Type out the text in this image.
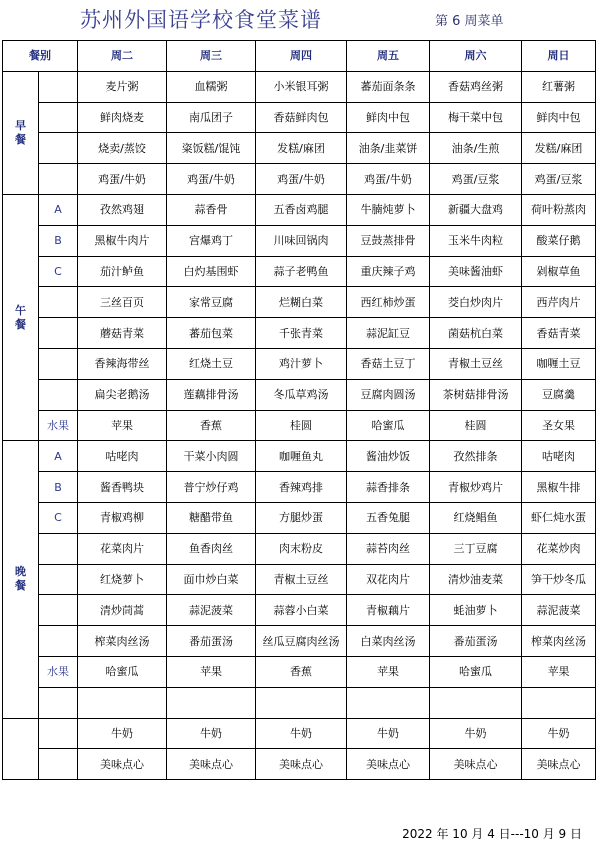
苏州外国语学校食堂菜谱	第 6 周菜单
餐别		周二	周三	周四	周五	周六	周日

早
餐		麦片粥	血糯粥	小米银耳粥	蕃茄面条条	香菇鸡丝粥	红薯粥
		鲜肉烧麦	南瓜团子	香菇鲜肉包	鲜肉中包	梅干菜中包	鲜肉中包
		烧卖/蒸饺	粢饭糕/馄饨	发糕/麻团	油条/韭菜饼	油条/生煎	发糕/麻团
		鸡蛋/牛奶	鸡蛋/牛奶	鸡蛋/牛奶	鸡蛋/牛奶	鸡蛋/豆浆	鸡蛋/豆浆

午
餐	A	孜然鸡翅	蒜香骨	五香卤鸡腿	牛腩炖萝卜	新疆大盘鸡	荷叶粉蒸肉
	B	黑椒牛肉片	宫爆鸡丁	川味回锅肉	豆鼓蒸排骨	玉米牛肉粒	酸菜仔鹅
	C	茄汁鲈鱼	白灼基围虾	蒜子老鸭鱼	重庆辣子鸡	美味酱油虾	剁椒草鱼
		三丝百页	家常豆腐	烂糊白菜	西红柿炒蛋	茭白炒肉片	西芹肉片
		蘑菇青菜	蕃茄包菜	千张青菜	蒜泥缸豆	菌菇杭白菜	香菇青菜
		香辣海带丝	红烧土豆	鸡汁萝卜	香菇土豆丁	青椒土豆丝	咖喱土豆
		扁尖老鹅汤	莲藕排骨汤	冬瓜草鸡汤	豆腐肉圆汤	茶树菇排骨汤	豆腐羹
	水果	苹果	香蕉	桂圆	哈蜜瓜	桂圆	圣女果

晚
餐	A	咕咾肉	干菜小肉圆	咖喱鱼丸	酱油炒饭	孜然排条	咕咾肉
	B	酱香鸭块	普宁炒仔鸡	香辣鸡排	蒜香排条	青椒炒鸡片	黑椒牛排
	C	青椒鸡柳	糖醋带鱼	方腿炒蛋	五香兔腿	红烧鲳鱼	虾仁炖水蛋
		花菜肉片	鱼香肉丝	肉末粉皮	蒜苔肉丝	三丁豆腐	花菜炒肉
		红烧萝卜	面巾炒白菜	青椒土豆丝	双花肉片	清炒油麦菜	笋干炒冬瓜
		清炒茼蒿	蒜泥菠菜	蒜蓉小白菜	青椒藕片	蚝油萝卜	蒜泥菠菜
		榨菜肉丝汤	番茄蛋汤	丝瓜豆腐肉丝汤	白菜肉丝汤	番茄蛋汤	榨菜肉丝汤
	水果	哈蜜瓜	苹果	香蕉	苹果	哈蜜瓜	苹果

		牛奶	牛奶	牛奶	牛奶	牛奶	牛奶
		美味点心	美味点心	美味点心	美味点心	美味点心	美味点心
2022 年 10 月 4 日---10 月 9 日
